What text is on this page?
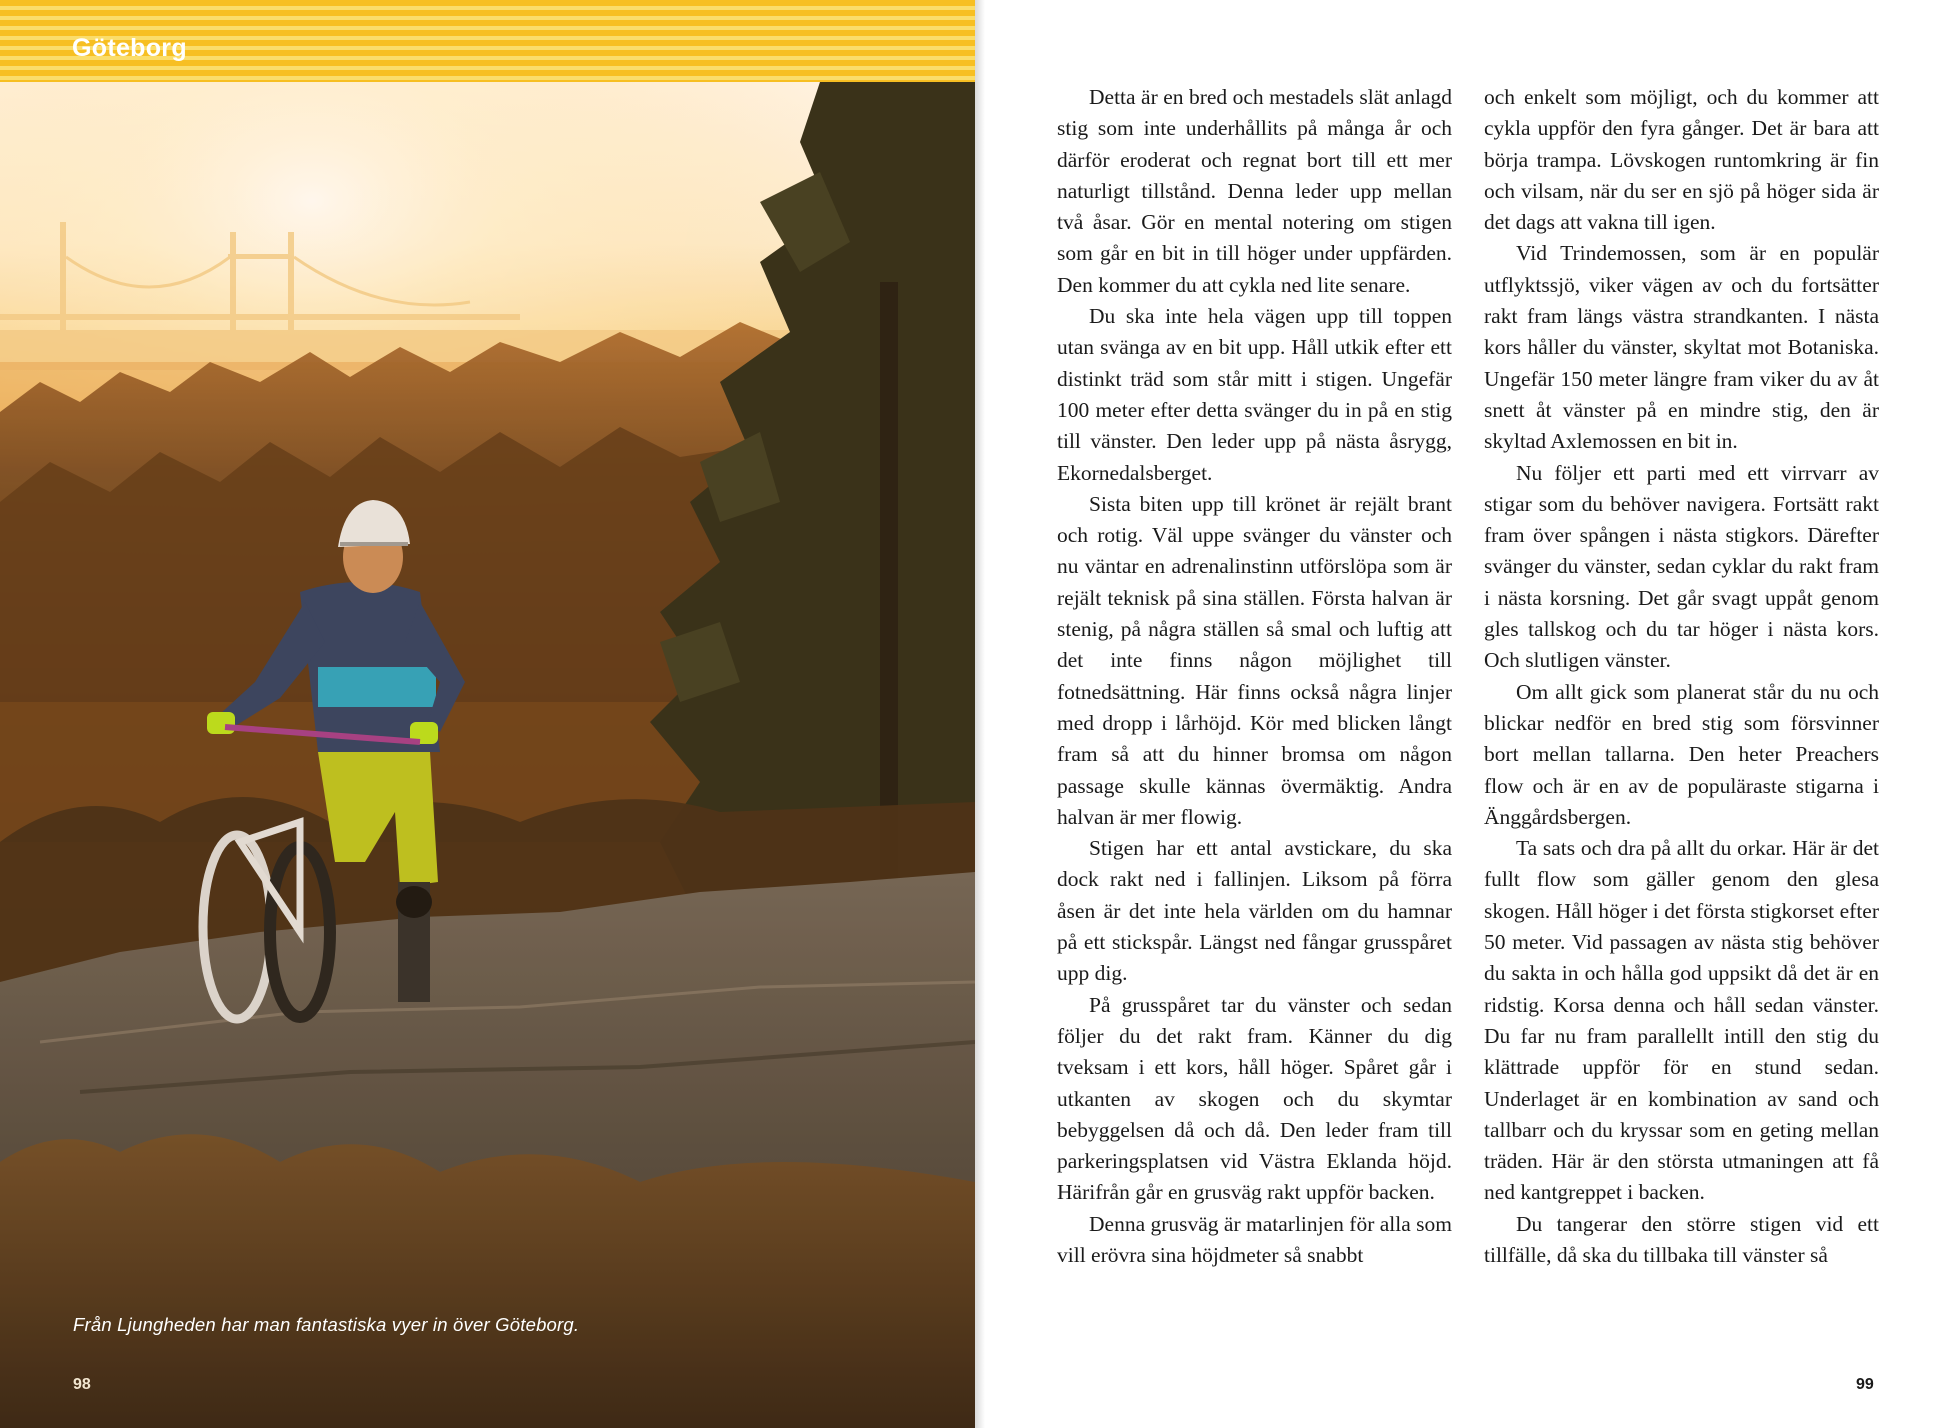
Göteborg
Från Ljungheden har man fantastiska vyer in över Göteborg.
98

Detta är en bred och mestadels slät anlagd stig som inte underhållits på många år och därför eroderat och regnat bort till ett mer naturligt tillstånd. Denna leder upp mellan två åsar. Gör en mental notering om stigen som går en bit in till höger under uppfärden. Den kommer du att cykla ned lite senare.

Du ska inte hela vägen upp till toppen utan svänga av en bit upp. Håll utkik efter ett distinkt träd som står mitt i stigen. Ungefär 100 meter efter detta svänger du in på en stig till vänster. Den leder upp på nästa åsrygg, Ekornedalsberget.

Sista biten upp till krönet är rejält brant och rotig. Väl uppe svänger du vänster och nu väntar en adrenalinstinn utförslöpa som är rejält teknisk på sina ställen. Första halvan är stenig, på några ställen så smal och luftig att det inte finns någon möjlighet till fotnedsättning. Här finns också några linjer med dropp i lårhöjd. Kör med blicken långt fram så att du hinner bromsa om någon passage skulle kännas övermäktig. Andra halvan är mer flowig.

Stigen har ett antal avstickare, du ska dock rakt ned i fallinjen. Liksom på förra åsen är det inte hela världen om du hamnar på ett stickspår. Längst ned fångar grusspåret upp dig.

På grusspåret tar du vänster och sedan följer du det rakt fram. Känner du dig tveksam i ett kors, håll höger. Spåret går i utkanten av skogen och du skymtar bebyggelsen då och då. Den leder fram till parkeringsplatsen vid Västra Eklanda höjd. Härifrån går en grusväg rakt uppför backen.

Denna grusväg är matarlinjen för alla som vill erövra sina höjdmeter så snabbt

och enkelt som möjligt, och du kommer att cykla uppför den fyra gånger. Det är bara att börja trampa. Lövskogen runtomkring är fin och vilsam, när du ser en sjö på höger sida är det dags att vakna till igen.

Vid Trindemossen, som är en populär utflyktssjö, viker vägen av och du fortsätter rakt fram längs västra strandkanten. I nästa kors håller du vänster, skyltat mot Botaniska. Ungefär 150 meter längre fram viker du av åt snett åt vänster på en mindre stig, den är skyltad Axlemossen en bit in.

Nu följer ett parti med ett virrvarr av stigar som du behöver navigera. Fortsätt rakt fram över spången i nästa stigkors. Därefter svänger du vänster, sedan cyklar du rakt fram i nästa korsning. Det går svagt uppåt genom gles tallskog och du tar höger i nästa kors. Och slutligen vänster.

Om allt gick som planerat står du nu och blickar nedför en bred stig som försvinner bort mellan tallarna. Den heter Preachers flow och är en av de populäraste stigarna i Änggårdsbergen.

Ta sats och dra på allt du orkar. Här är det fullt flow som gäller genom den glesa skogen. Håll höger i det första stigkorset efter 50 meter. Vid passagen av nästa stig behöver du sakta in och hålla god uppsikt då det är en ridstig. Korsa denna och håll sedan vänster. Du far nu fram parallellt intill den stig du klättrade uppför för en stund sedan. Underlaget är en kombination av sand och tallbarr och du kryssar som en geting mellan träden. Här är den största utmaningen att få ned kantgreppet i backen.

Du tangerar den större stigen vid ett tillfälle, då ska du tillbaka till vänster så

99
